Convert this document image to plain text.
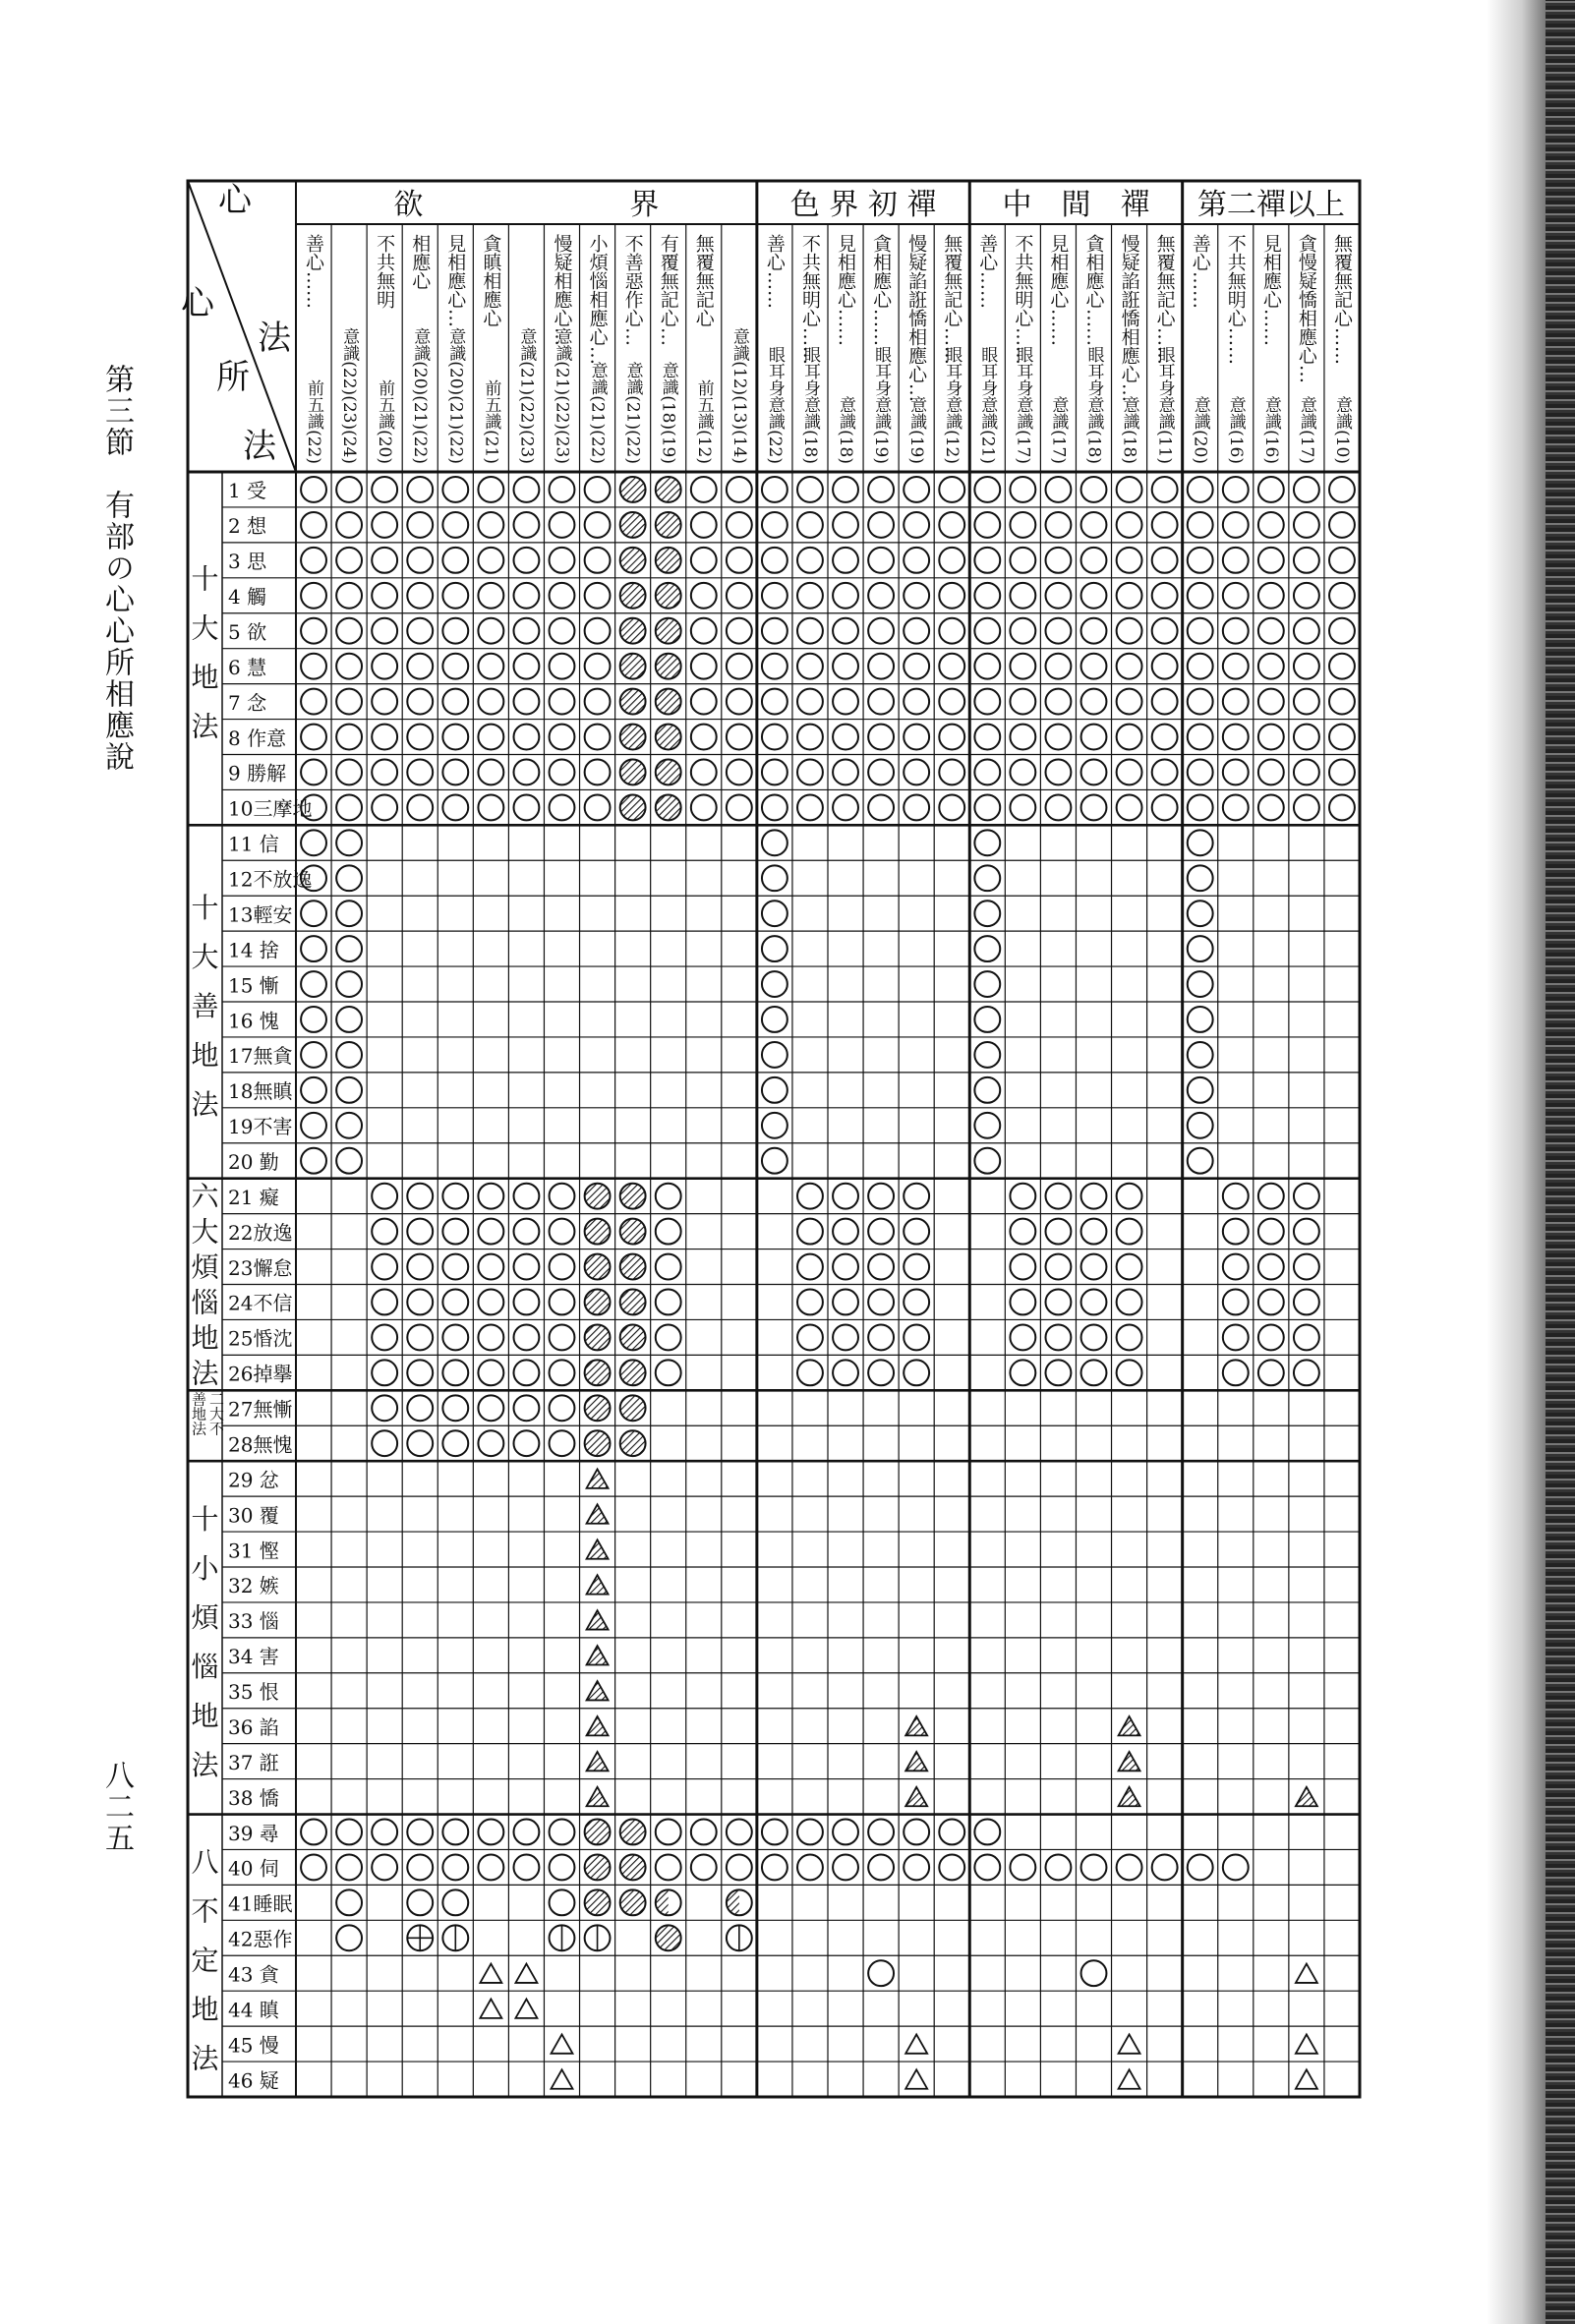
第三節　有部の心心所相應說
八二五
心
心
法
所
法
欲　　　　　　　界	色 界 初 禪 中　間　禪 第二禪以上
善心……
前五識(22) 意識(22)(23)(24)
不共無明
前五識(20)
相應心
意識(20)(21)(22)
見相應心…
意識(20)(21)(22)
貪瞋相應心
前五識(21) 意識(21)(22)(23)
慢疑相應心…
意識(21)(22)(23)
小煩惱相應心…
意識(21)(22)
不善惡作心…
意識(21)(22)
有覆無記心…
意識(18)(19)
無覆無記心
前五識(12) 意識(12)(13)(14)
善心……
眼耳身意識(22)
不共無明心……
眼耳身意識(18)
見相應心……
意識(18)
貪相應心……
眼耳身意識(19)
慢疑諂誑憍相應心…
意識(19)
無覆無記心……
眼耳身意識(12)
善心……
眼耳身意識(21)
不共無明心……
眼耳身意識(17)
見相應心……
意識(17)
貪相應心……
眼耳身意識(18)
慢疑諂誑憍相應心…
意識(18)
無覆無記心……
眼耳身意識(11)
善心……
意識(20)
不共無明心……
意識(16)
見相應心……
意識(16)
貪慢疑憍相應心…
意識(17)
無覆無記心……
意識(10)
1 受
2 想
3 思
4 觸
5 欲
6 慧
7 念
8 作意
9 勝解
10三摩地
11 信
12不放逸
13輕安
14 捨
15 慚
16 愧
17無貪
18無瞋
19不害
20 勤
21 癡
22放逸
23懈怠
24不信
25惛沈
26掉擧
27無慚
28無愧
29 忿
30 覆
31 慳
32 嫉
33 惱
34 害
35 恨
36 諂
37 誑
38 憍
39 尋
40 伺
41睡眠
42惡作
43 貪
44 瞋
45 慢
46 疑
十
大
地
法
十
大
善
地
法
六
大
煩
惱
地
法
二
大
不
善
地
法
十
小
煩
惱
地
法
八
不
定
地
法
